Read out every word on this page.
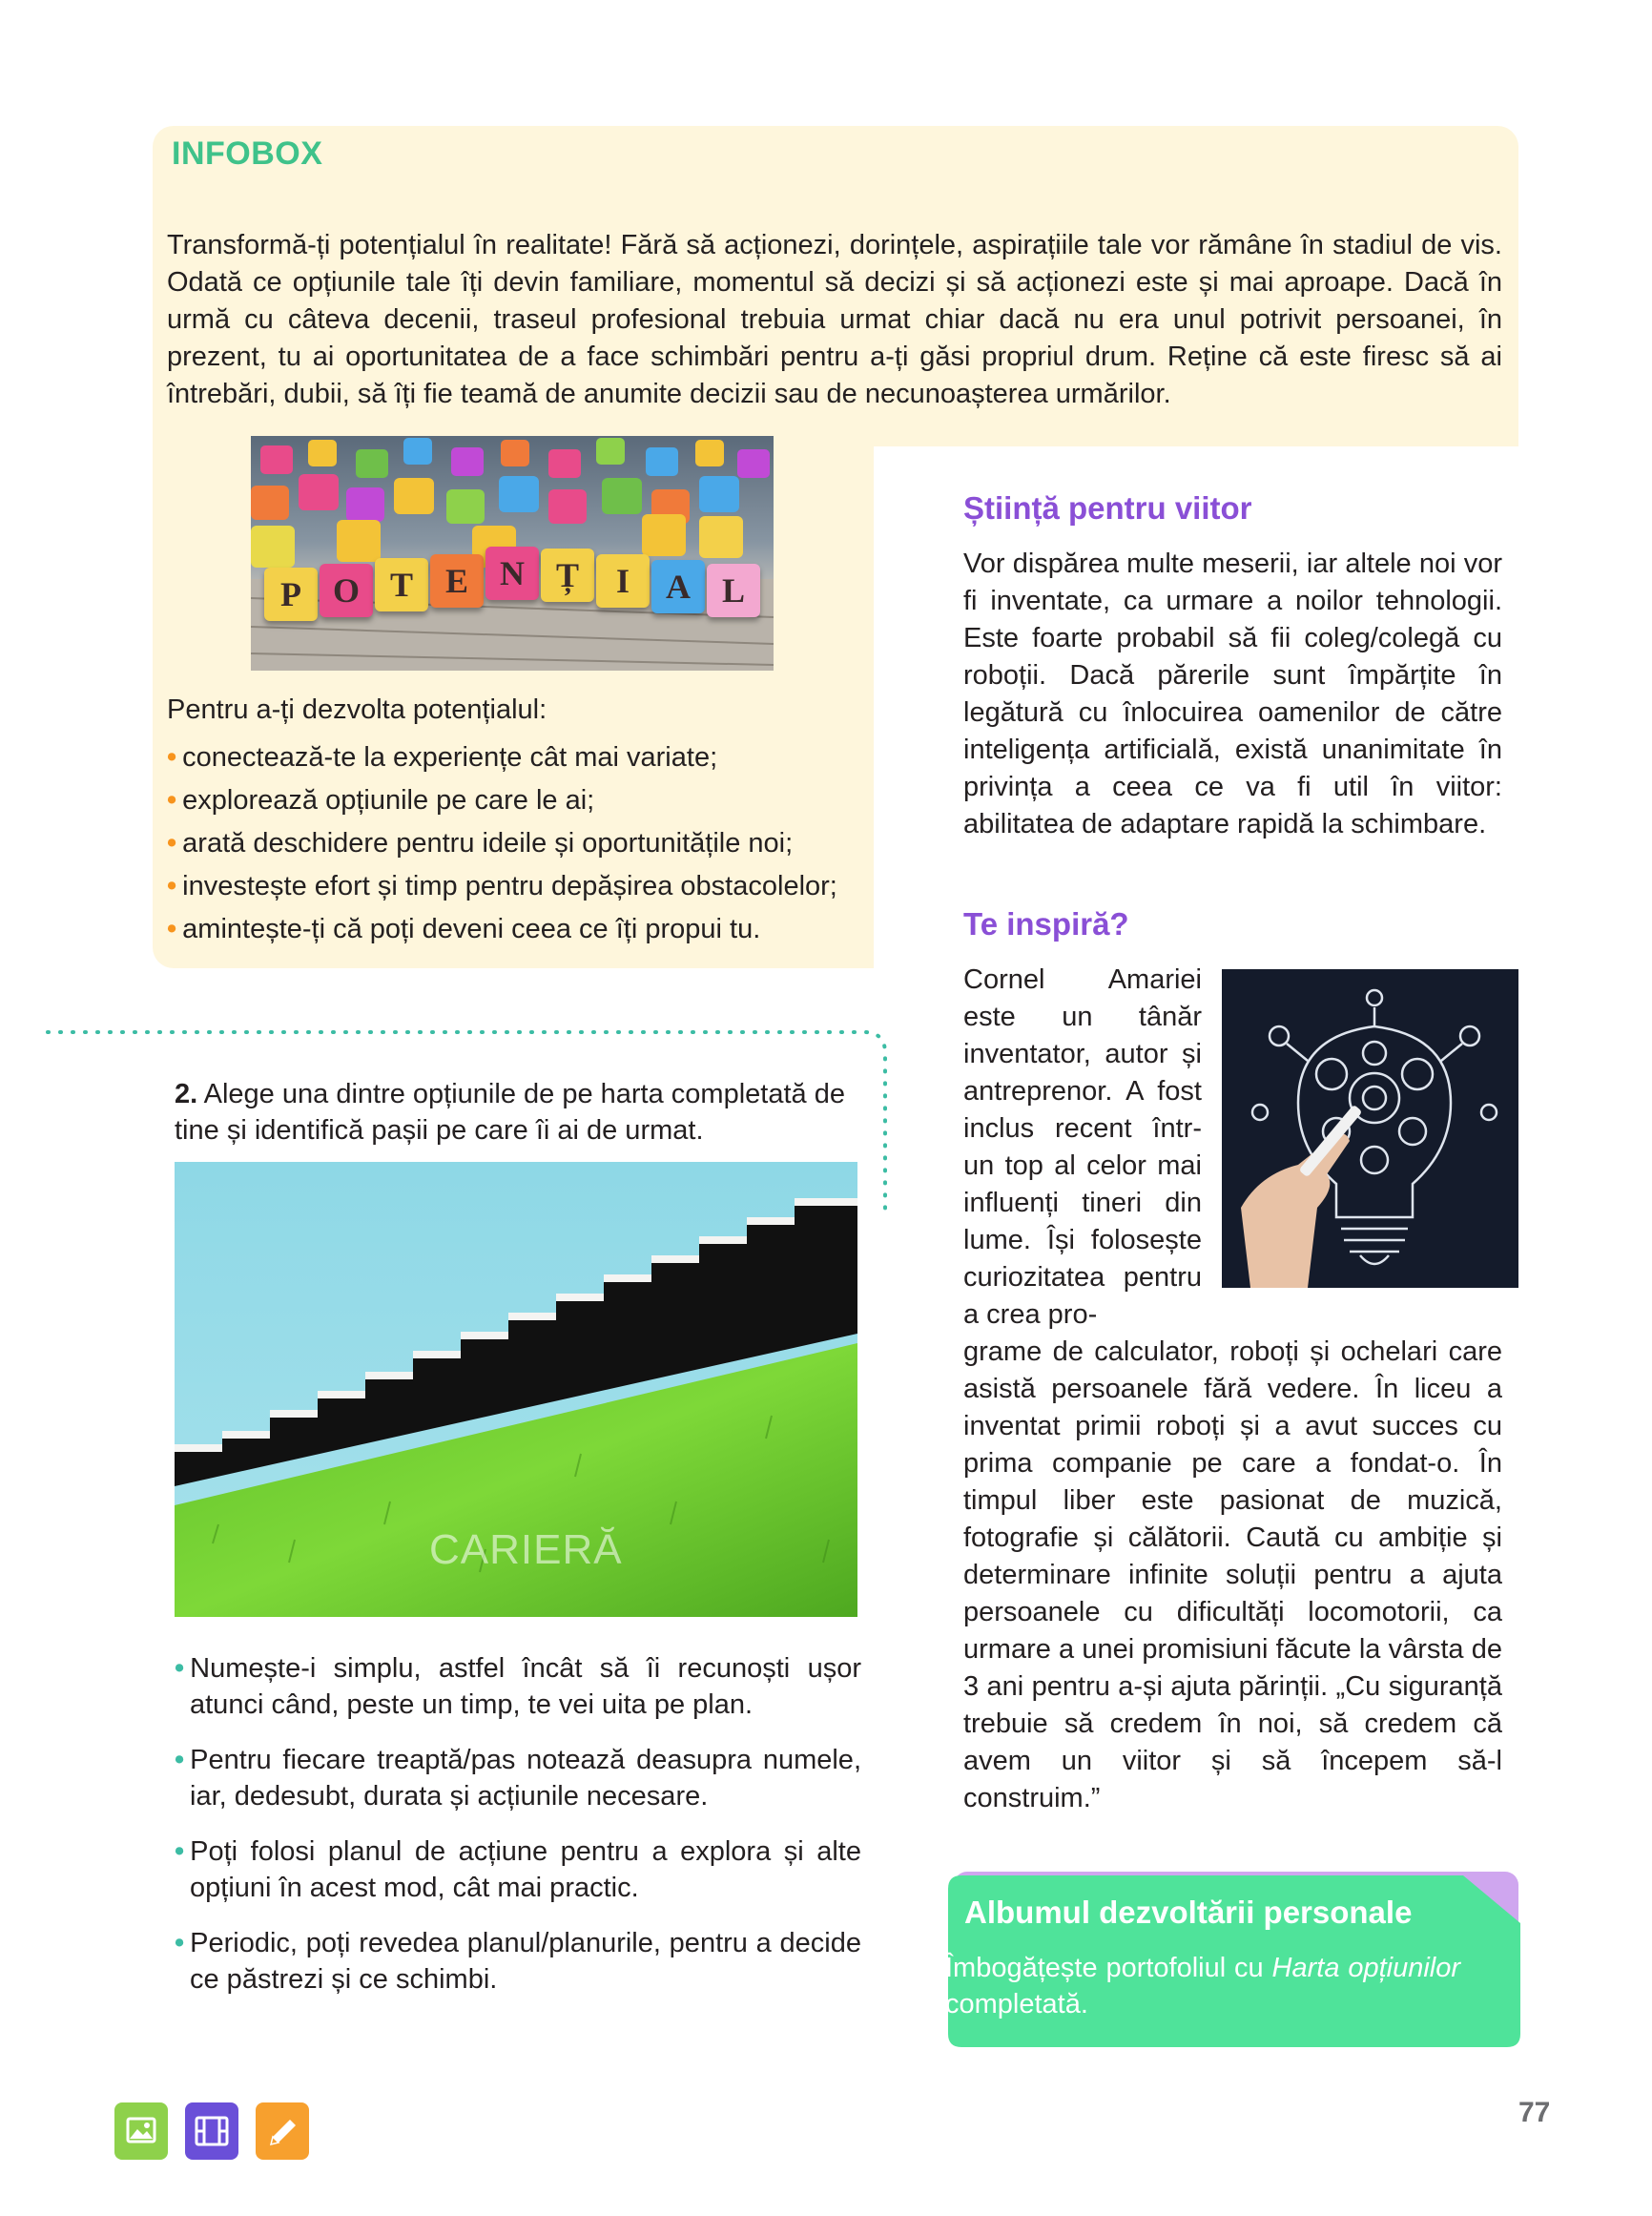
INFOBOX

Transformă-ți potențialul în realitate! Fără să acționezi, dorințele, aspirațiile tale vor rămâne în stadiul de vis. Odată ce opțiunile tale îți devin familiare, momentul să decizi și să acționezi este și mai aproape. Dacă în urmă cu câteva decenii, traseul profesional trebuia urmat chiar dacă nu era unul potrivit persoanei, în prezent, tu ai oportunitatea de a face schimbări pentru a-ți găsi propriul drum. Reține că este firesc să ai întrebări, dubii, să îți fie teamă de anumite decizii sau de necunoașterea urmărilor.

P O T E N Ț	I	A L

Pentru a-ți dezvolta potențialul:

• conectează-te la experiențe cât mai variate;
• explorează opțiunile pe care le ai;
• arată deschidere pentru ideile și oportunitățile noi;
• investește efort și timp pentru depășirea obstacolelor;
• amintește-ți că poți deveni ceea ce îți propui tu.

2. Alege una dintre opțiunile de pe harta completată de tine și identifică pașii pe care îi ai de urmat.

CARIERĂ
• Numește-i simplu, astfel încât să îi recunoști ușor atunci când, peste un timp, te vei uita pe plan.
• Pentru fiecare treaptă/pas notează deasupra numele, iar, dedesubt, durata și acțiunile necesare.
• Poți folosi planul de acțiune pentru a explora și alte opțiuni în acest mod, cât mai practic.
• Periodic, poți revedea planul/planurile, pentru a decide ce păstrezi și ce schimbi.
Știință pentru viitor

Vor dispărea multe meserii, iar altele noi vor fi inventate, ca urmare a noilor tehnologii. Este foarte probabil să fii coleg/colegă cu roboții. Dacă părerile sunt împărțite în legătură cu înlocuirea oamenilor de către inteligența artificială, există unanimitate în privința a ceea ce va fi util în viitor: abilitatea de adaptare rapidă la schimbare.

Te inspiră?

Cornel Amariei este un tânăr inventator, autor și antreprenor. A fost inclus recent într-un top al celor mai influenți tineri din lume. Își folosește curiozitatea pentru a crea pro-

grame de calculator, roboți și ochelari care asistă persoanele fără vedere. În liceu a inventat primii roboți și a avut succes cu prima companie pe care a fondat-o. În timpul liber este pasionat de muzică, fotografie și călătorii. Caută cu ambiție și determinare infinite soluții pentru a ajuta persoanele cu dificultăți locomotorii, ca urmare a unei promisiuni făcute la vârsta de 3 ani pentru a-și ajuta părinții. „Cu siguranță trebuie să credem în noi, să credem că avem un viitor și să începem să-l construim.”

Albumul dezvoltării personale

Îmbogățește portofoliul cu Harta opțiunilor completată.

77
